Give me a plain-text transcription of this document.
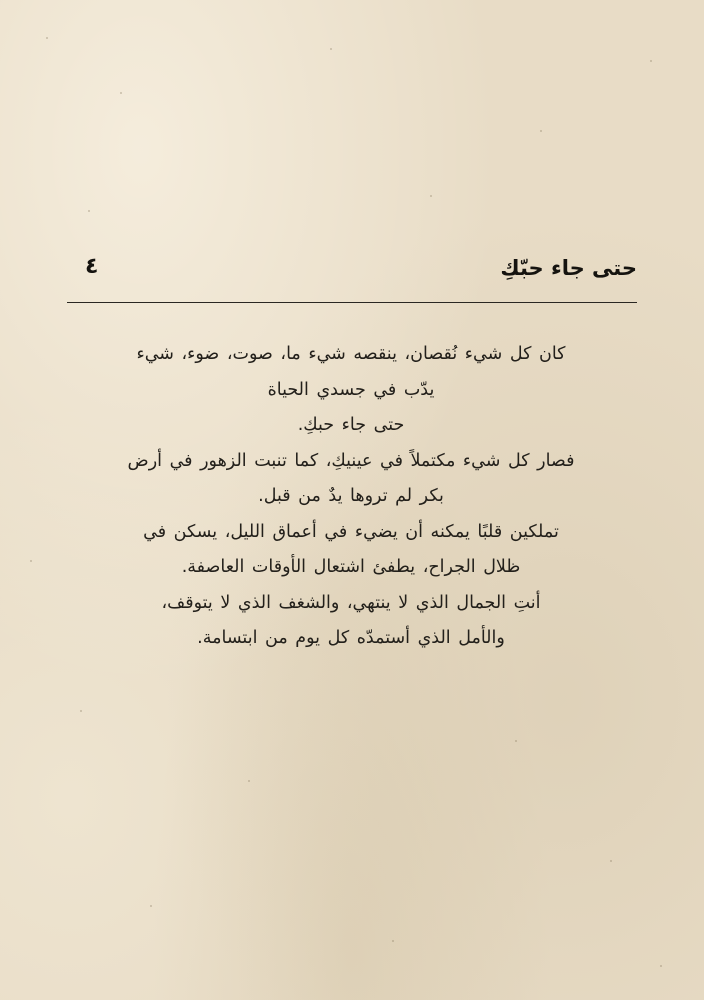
حتى جاء حبّكِ
٤
كان كل شيء نُقصان، ينقصه شيء ما، صوت، ضوء، شيء
يدّب في جسدي الحياة
حتى جاء حبكِ.
فصار كل شيء مكتملاً في عينيكِ، كما تنبت الزهور في أرض
بكر لم تروها يدٌ من قبل.
تملكين قلبًا يمكنه أن يضيء في أعماق الليل، يسكن في
ظلال الجراح، يطفئ اشتعال الأوقات العاصفة.
أنتِ الجمال الذي لا ينتهي، والشغف الذي لا يتوقف،
والأمل الذي أستمدّه كل يوم من ابتسامة.
